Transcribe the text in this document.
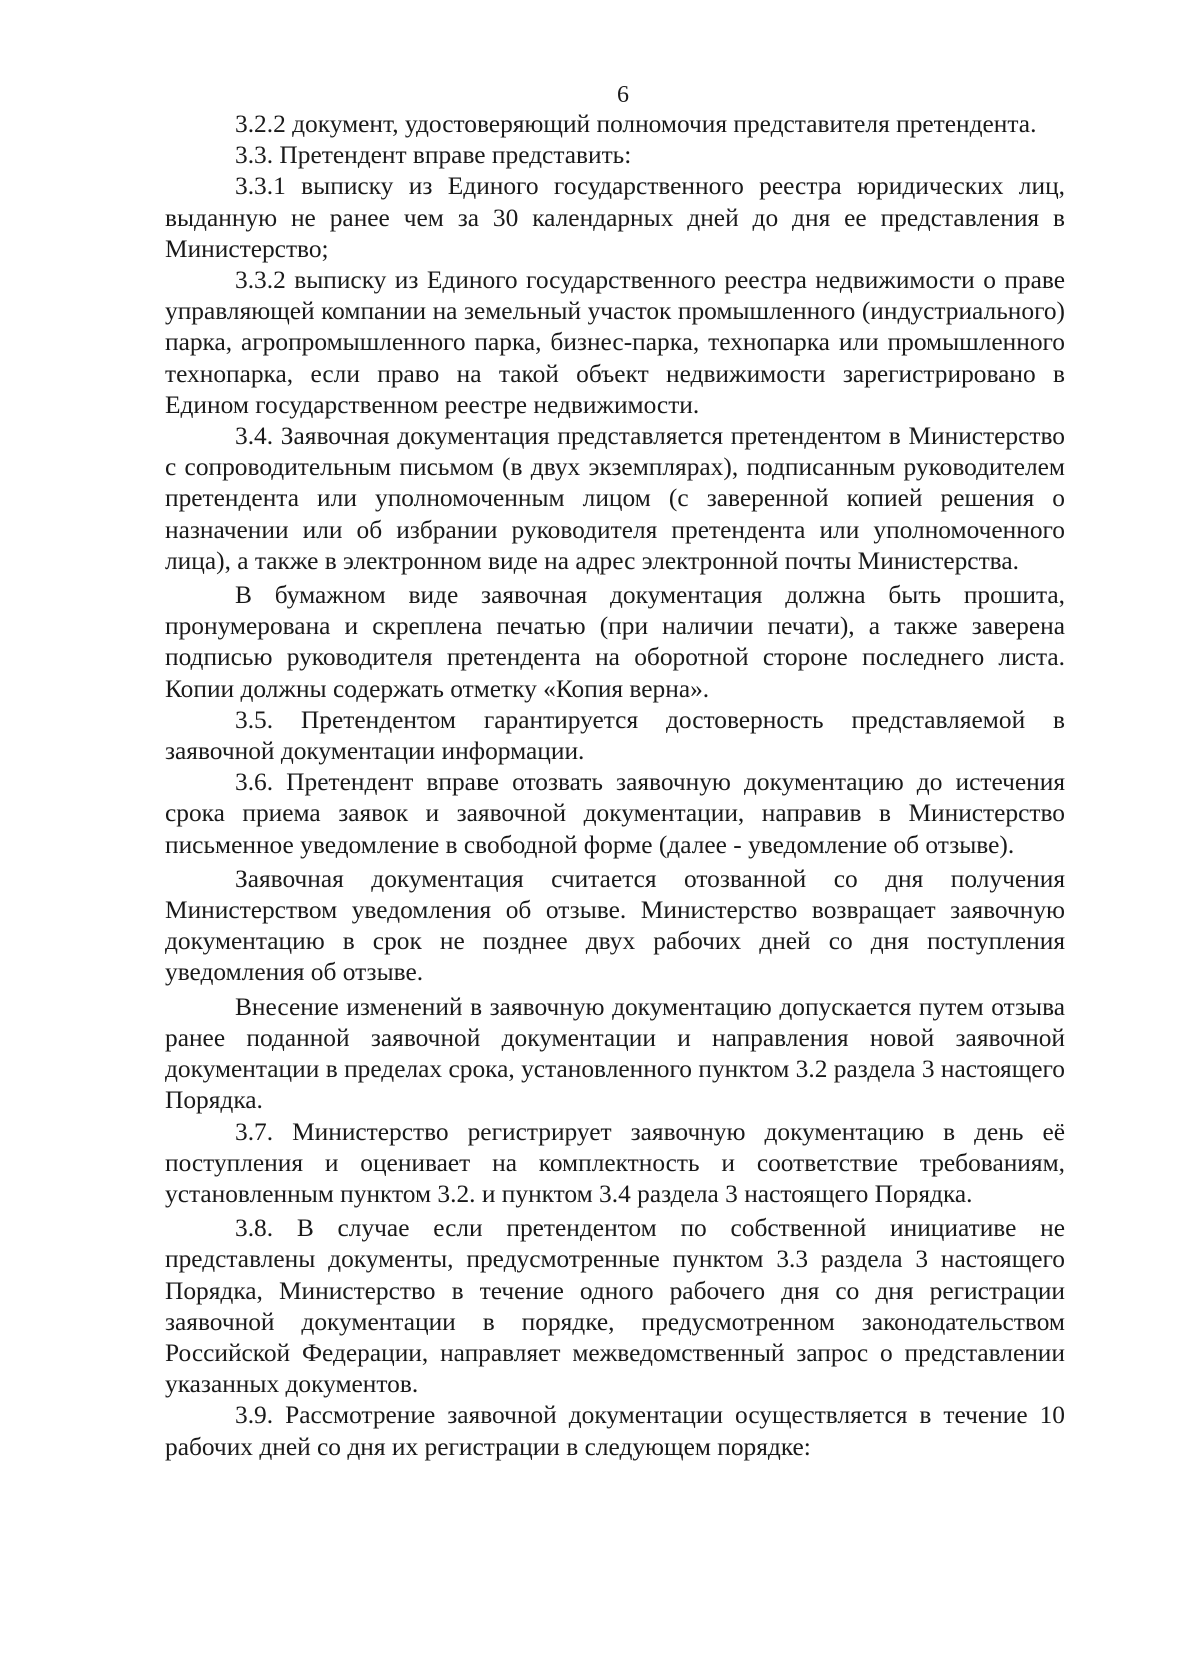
6

3.2.2 документ, удостоверяющий полномочия представителя претендента.

3.3. Претендент вправе представить:

3.3.1 выписку из Единого государственного реестра юридических лиц, выданную не ранее чем за 30 календарных дней до дня ее представления в Министерство;

3.3.2 выписку из Единого государственного реестра недвижимости о праве управляющей компании на земельный участок промышленного (индустриального) парка, агропромышленного парка, бизнес-парка, технопарка или промышленного технопарка, если право на такой объект недвижимости зарегистрировано в Едином государственном реестре недвижимости.

3.4. Заявочная документация представляется претендентом в Министерство с сопроводительным письмом (в двух экземплярах), подписанным руководителем претендента или уполномоченным лицом (с заверенной копией решения о назначении или об избрании руководителя претендента или уполномоченного лица), а также в электронном виде на адрес электронной почты Министерства.

В бумажном виде заявочная документация должна быть прошита, пронумерована и скреплена печатью (при наличии печати), а также заверена подписью руководителя претендента на оборотной стороне последнего листа. Копии должны содержать отметку «Копия верна».

3.5. Претендентом гарантируется достоверность представляемой в заявочной документации информации.

3.6. Претендент вправе отозвать заявочную документацию до истечения срока приема заявок и заявочной документации, направив в Министерство письменное уведомление в свободной форме (далее - уведомление об отзыве).

Заявочная документация считается отозванной со дня получения Министерством уведомления об отзыве. Министерство возвращает заявочную документацию в срок не позднее двух рабочих дней со дня поступления уведомления об отзыве.

Внесение изменений в заявочную документацию допускается путем отзыва ранее поданной заявочной документации и направления новой заявочной документации в пределах срока, установленного пунктом 3.2 раздела 3 настоящего Порядка.

3.7. Министерство регистрирует заявочную документацию в день её поступления и оценивает на комплектность и соответствие требованиям, установленным пунктом 3.2. и пунктом 3.4 раздела 3 настоящего Порядка.

3.8. В случае если претендентом по собственной инициативе не представлены документы, предусмотренные пунктом 3.3 раздела 3 настоящего Порядка, Министерство в течение одного рабочего дня со дня регистрации заявочной документации в порядке, предусмотренном законодательством Российской Федерации, направляет межведомственный запрос о представлении указанных документов.

3.9. Рассмотрение заявочной документации осуществляется в течение 10 рабочих дней со дня их регистрации в следующем порядке:
